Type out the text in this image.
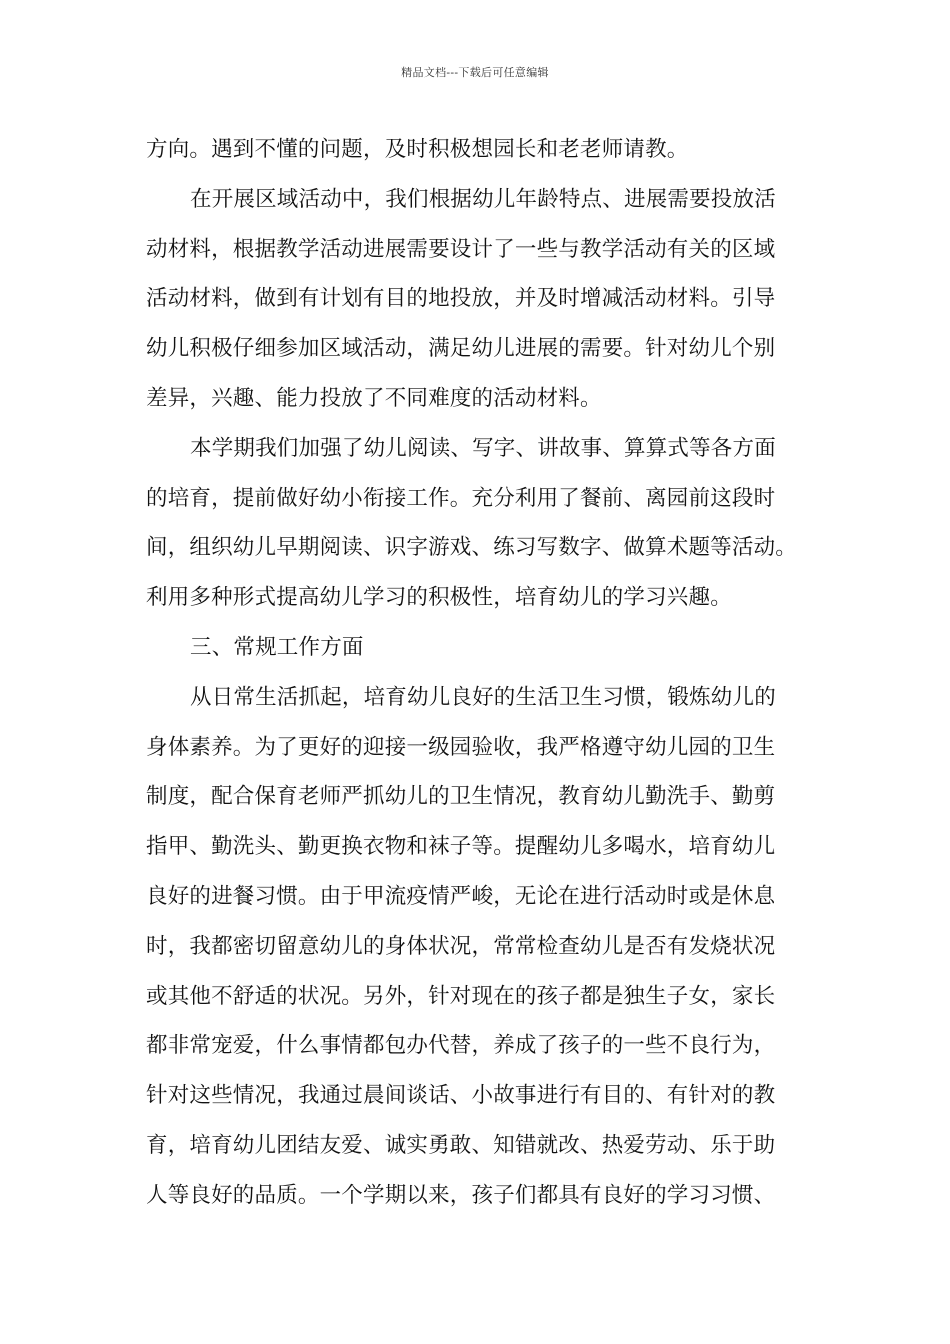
精品文档---下载后可任意编辑
方向。遇到不懂的问题，及时积极想园长和老老师请教。
在开展区域活动中，我们根据幼儿年龄特点、进展需要投放活
动材料，根据教学活动进展需要设计了一些与教学活动有关的区域
活动材料，做到有计划有目的地投放，并及时增减活动材料。引导
幼儿积极仔细参加区域活动，满足幼儿进展的需要。针对幼儿个别
差异，兴趣、能力投放了不同难度的活动材料。
本学期我们加强了幼儿阅读、写字、讲故事、算算式等各方面
的培育，提前做好幼小衔接工作。充分利用了餐前、离园前这段时
间，组织幼儿早期阅读、识字游戏、练习写数字、做算术题等活动。
利用多种形式提高幼儿学习的积极性，培育幼儿的学习兴趣。
三、常规工作方面
从日常生活抓起，培育幼儿良好的生活卫生习惯，锻炼幼儿的
身体素养。为了更好的迎接一级园验收，我严格遵守幼儿园的卫生
制度，配合保育老师严抓幼儿的卫生情况，教育幼儿勤洗手、勤剪
指甲、勤洗头、勤更换衣物和袜子等。提醒幼儿多喝水，培育幼儿
良好的进餐习惯。由于甲流疫情严峻，无论在进行活动时或是休息
时，我都密切留意幼儿的身体状况，常常检查幼儿是否有发烧状况
或其他不舒适的状况。另外，针对现在的孩子都是独生子女，家长
都非常宠爱，什么事情都包办代替，养成了孩子的一些不良行为，
针对这些情况，我通过晨间谈话、小故事进行有目的、有针对的教
育，培育幼儿团结友爱、诚实勇敢、知错就改、热爱劳动、乐于助
人等良好的品质。一个学期以来，孩子们都具有良好的学习习惯、
